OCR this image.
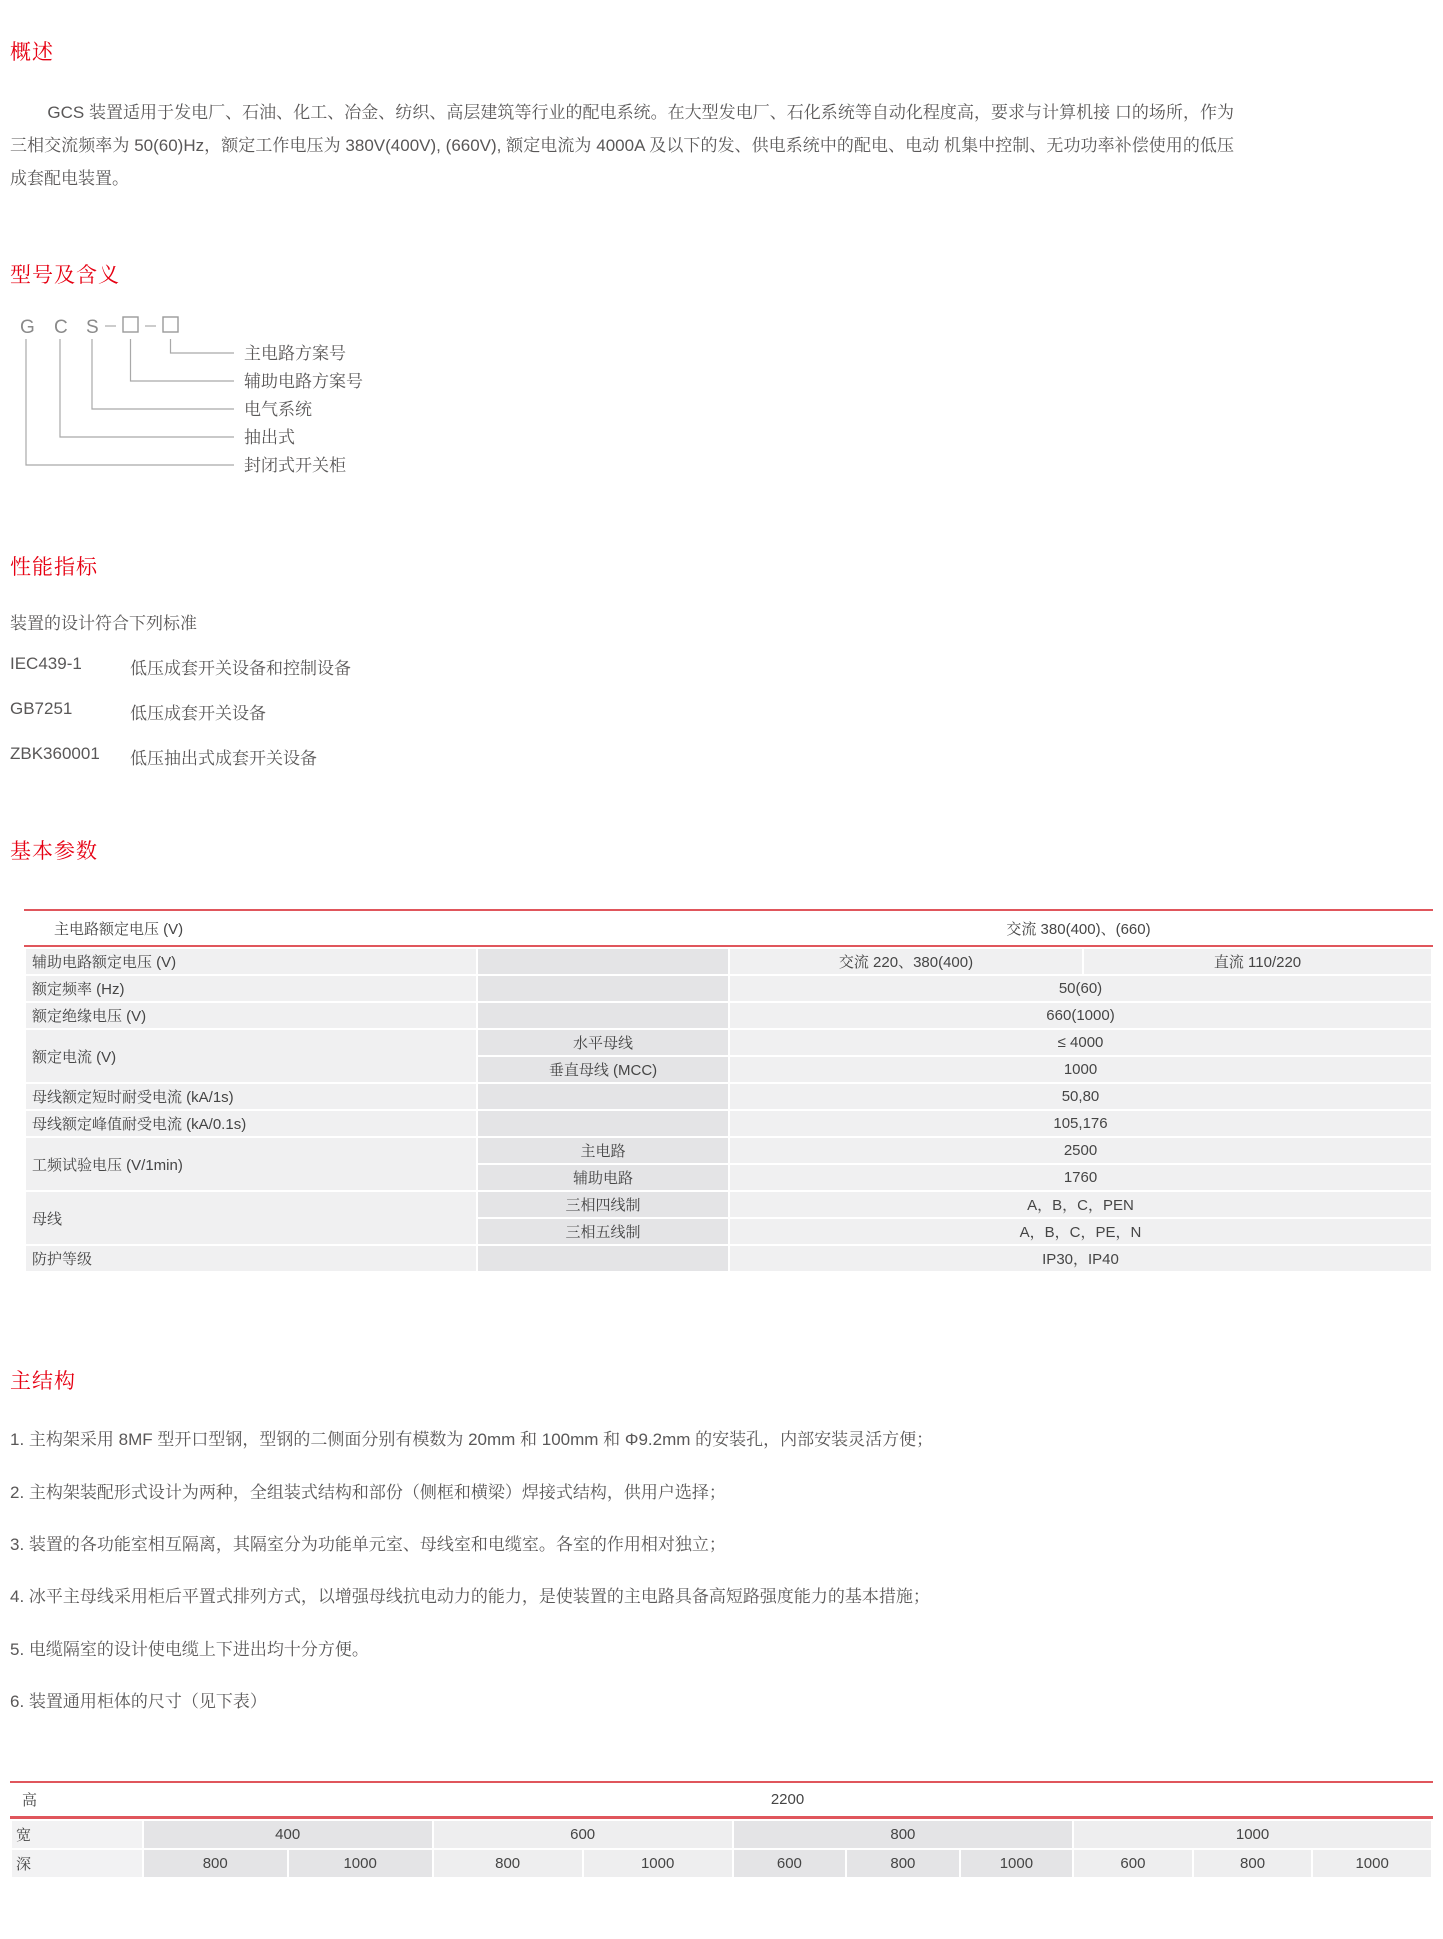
概述

GCS 装置适用于发电厂、石油、化工、冶金、纺织、高层建筑等行业的配电系统。在大型发电厂、石化系统等自动化程度高，要求与计算机接 口的场所，作为三相交流频率为 50(60)Hz，额定工作电压为 380V(400V), (660V), 额定电流为 4000A 及以下的发、供电系统中的配电、电动 机集中控制、无功功率补偿使用的低压成套配电装置。

型号及含义
G C S
主电路方案号
辅助电路方案号
电气系统
抽出式
封闭式开关柜
性能指标

装置的设计符合下列标准

IEC439-1	低压成套开关设备和控制设备
GB7251	低压成套开关设备
ZBK360001	低压抽出式成套开关设备
基本参数
主电路额定电压 (V)	交流 380(400)、(660)
辅助电路额定电压 (V)		交流 220、380(400)	直流 110/220
额定频率 (Hz)		50(60)	
额定绝缘电压 (V)		660(1000)	
额定电流 (V)	水平母线	≤ 4000	
	垂直母线 (MCC)	1000	
母线额定短时耐受电流 (kA/1s)		50,80	
母线额定峰值耐受电流 (kA/0.1s)		105,176	
工频试验电压 (V/1min)	主电路	2500	
	辅助电路	1760	
母线	三相四线制	A，B，C，PEN	
	三相五线制	A，B，C，PE，N	
防护等级		IP30，IP40	
主结构

1. 主构架采用 8MF 型开口型钢，型钢的二侧面分别有模数为 20mm 和 100mm 和 Φ9.2mm 的安装孔，内部安装灵活方便；

2. 主构架装配形式设计为两种，全组装式结构和部份（侧框和横梁）焊接式结构，供用户选择；

3. 装置的各功能室相互隔离，其隔室分为功能单元室、母线室和电缆室。各室的作用相对独立；

4. 冰平主母线采用柜后平置式排列方式，以增强母线抗电动力的能力，是使装置的主电路具备高短路强度能力的基本措施；

5. 电缆隔室的设计使电缆上下进出均十分方便。

6. 装置通用柜体的尺寸（见下表）

高	2200
宽	400		600		800			1000		
深	800	1000	800	1000	600	800	1000	600	800	1000
